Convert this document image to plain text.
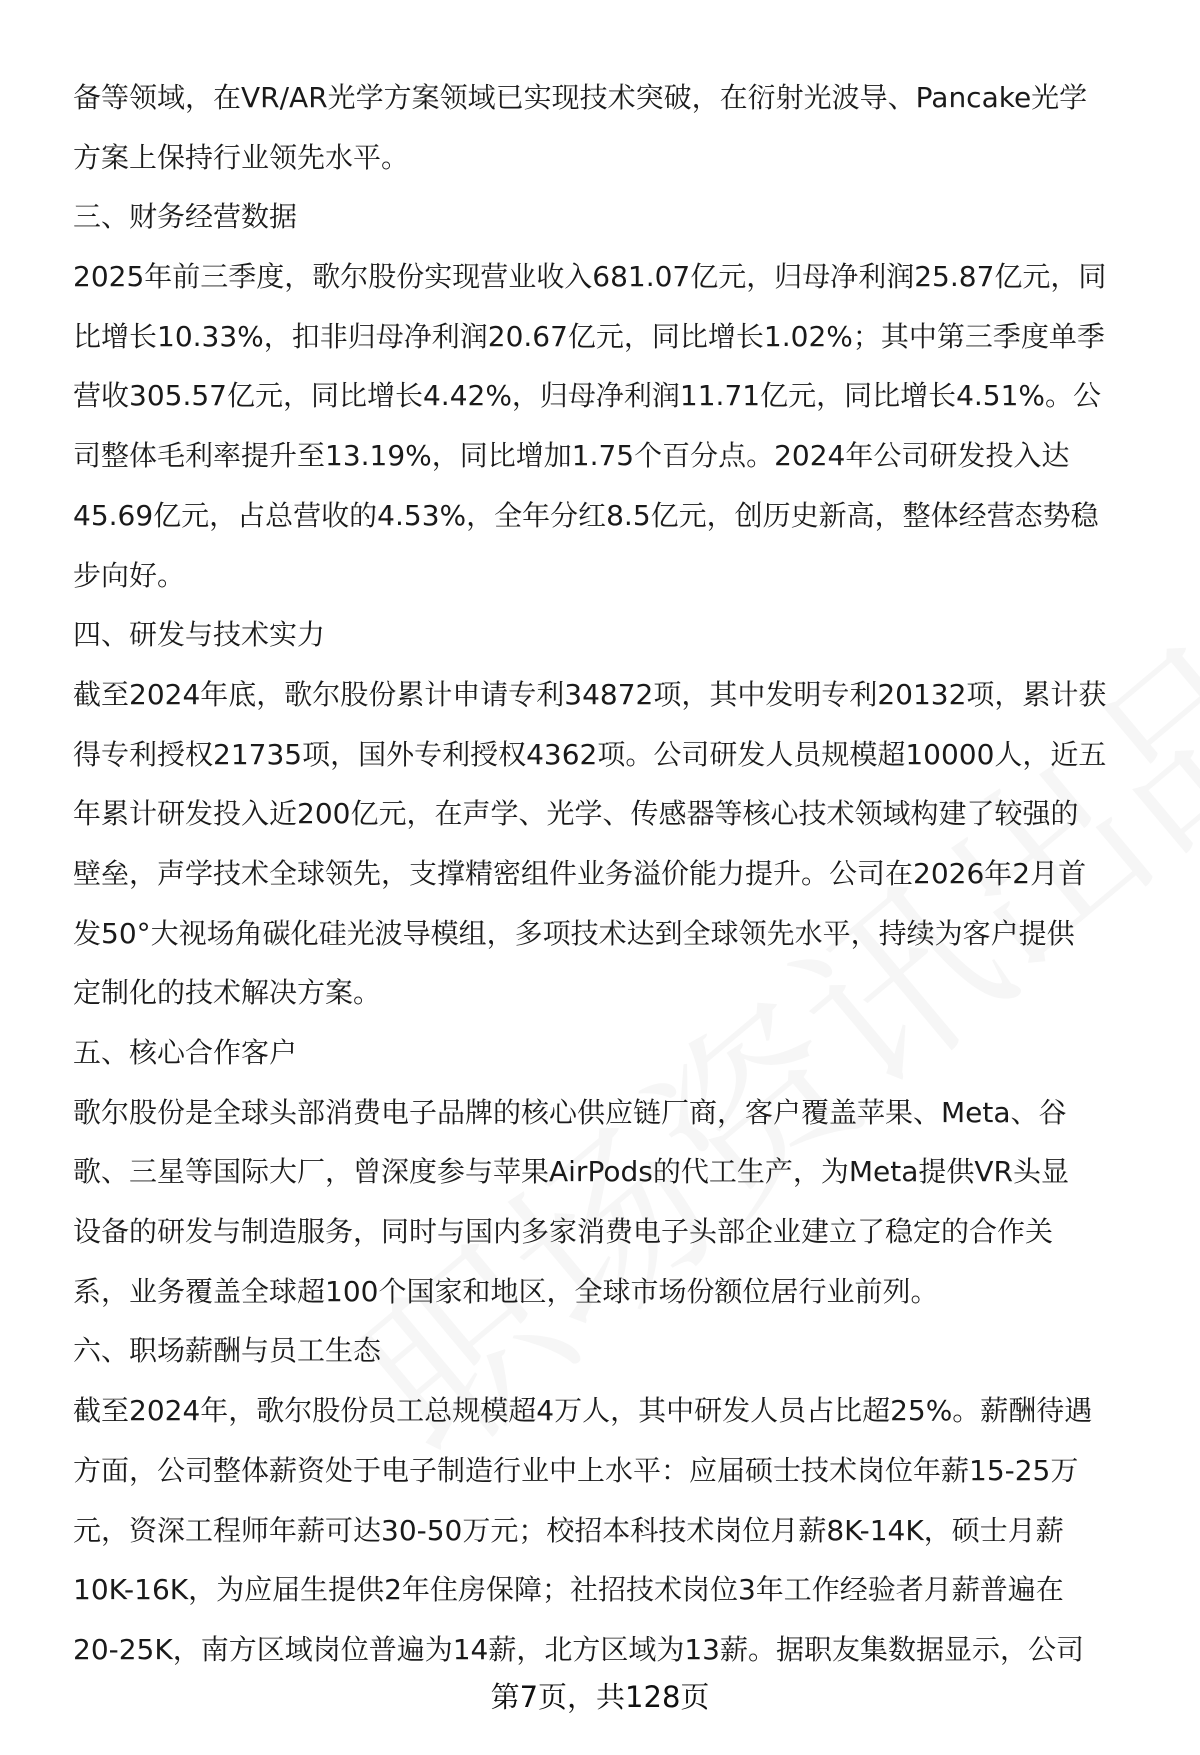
备等领域，在VR/AR光学方案领域已实现技术突破，在衍射光波导、Pancake光学
方案上保持行业领先水平。
三、财务经营数据
2025年前三季度，歌尔股份实现营业收入681.07亿元，归母净利润25.87亿元，同
比增长10.33%，扣非归母净利润20.67亿元，同比增长1.02%；其中第三季度单季
营收305.57亿元，同比增长4.42%，归母净利润11.71亿元，同比增长4.51%。公
司整体毛利率提升至13.19%，同比增加1.75个百分点。2024年公司研发投入达
45.69亿元，占总营收的4.53%，全年分红8.5亿元，创历史新高，整体经营态势稳
步向好。
四、研发与技术实力
截至2024年底，歌尔股份累计申请专利34872项，其中发明专利20132项，累计获
得专利授权21735项，国外专利授权4362项。公司研发人员规模超10000人，近五
年累计研发投入近200亿元，在声学、光学、传感器等核心技术领域构建了较强的
壁垒，声学技术全球领先，支撑精密组件业务溢价能力提升。公司在2026年2月首
发50°大视场角碳化硅光波导模组，多项技术达到全球领先水平，持续为客户提供
定制化的技术解决方案。
五、核心合作客户
歌尔股份是全球头部消费电子品牌的核心供应链厂商，客户覆盖苹果、Meta、谷
歌、三星等国际大厂，曾深度参与苹果AirPods的代工生产，为Meta提供VR头显
设备的研发与制造服务，同时与国内多家消费电子头部企业建立了稳定的合作关
系，业务覆盖全球超100个国家和地区，全球市场份额位居行业前列。
六、职场薪酬与员工生态
截至2024年，歌尔股份员工总规模超4万人，其中研发人员占比超25%。薪酬待遇
方面，公司整体薪资处于电子制造行业中上水平：应届硕士技术岗位年薪15-25万
元，资深工程师年薪可达30-50万元；校招本科技术岗位月薪8K-14K，硕士月薪
10K-16K，为应届生提供2年住房保障；社招技术岗位3年工作经验者月薪普遍在
20-25K，南方区域岗位普遍为14薪，北方区域为13薪。据职友集数据显示，公司
第7页，共128页
